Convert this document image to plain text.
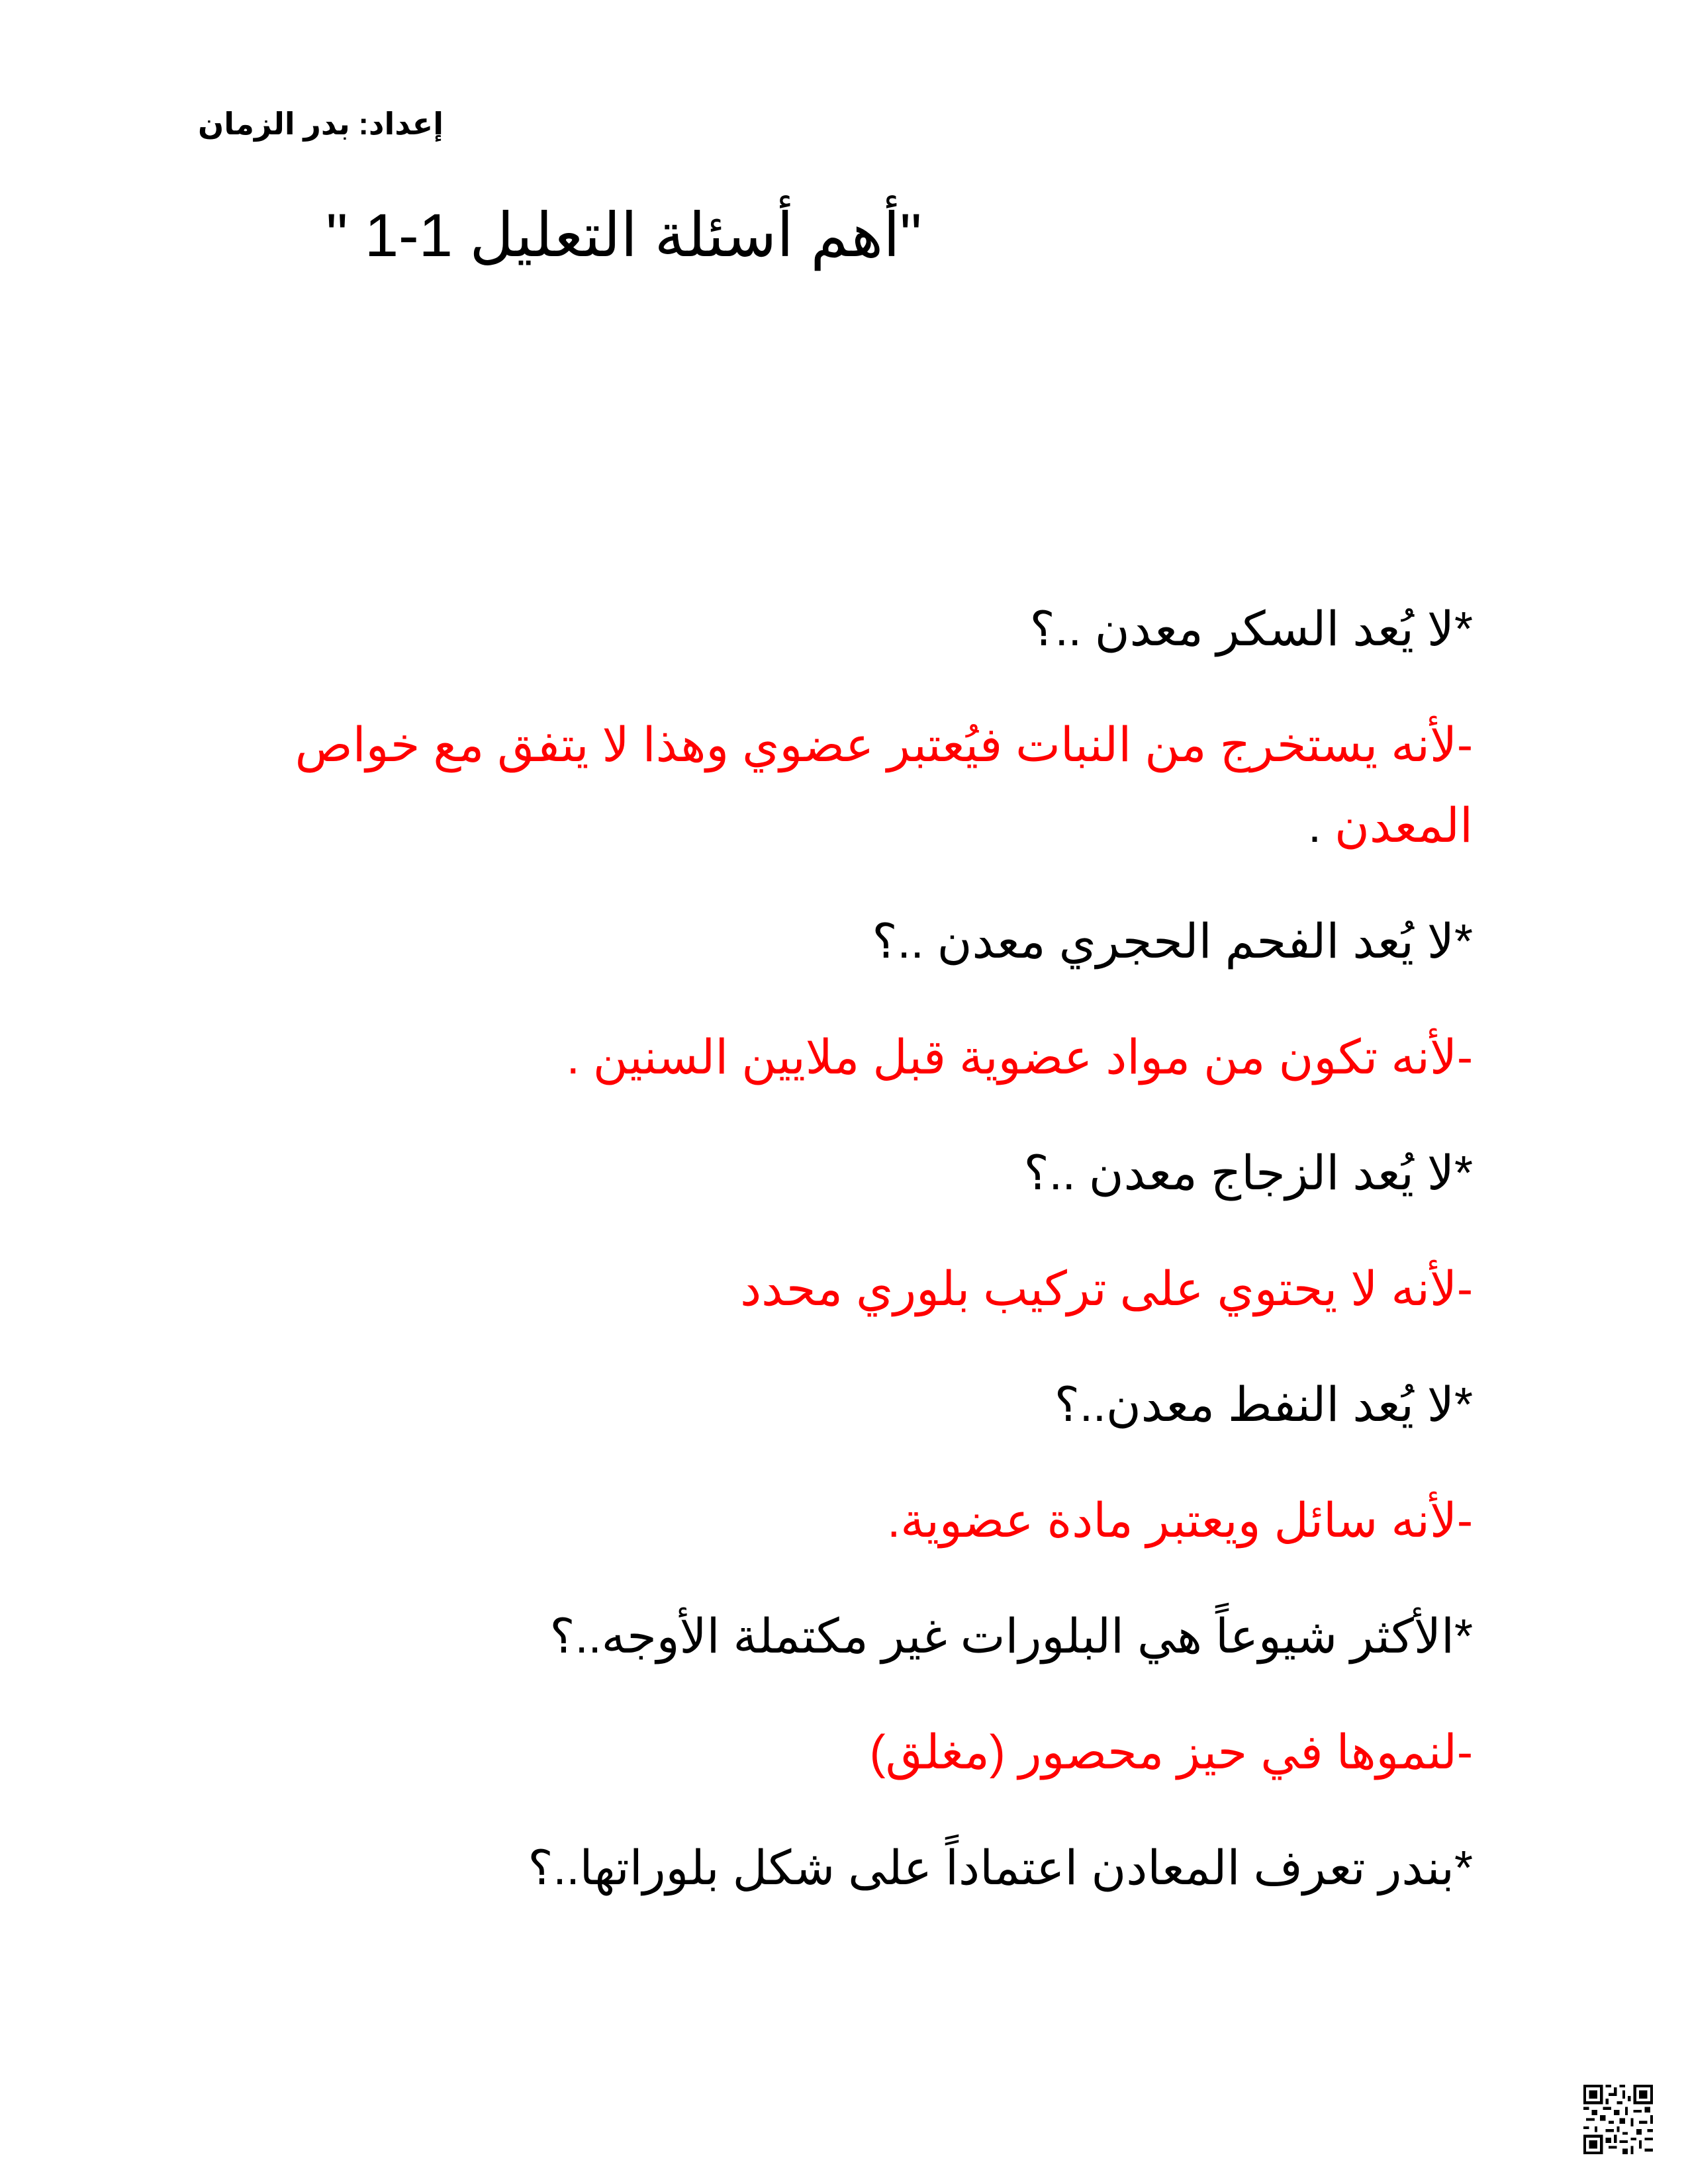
إعداد: بدر الزمان
"أهم أسئلة التعليل 1-1 "

*لا يُعد السكر معدن ..؟

-لأنه يستخرج من النبات فيُعتبر عضوي وهذا لا يتفق مع خواص المعدن .

*لا يُعد الفحم الحجري معدن ..؟

-لأنه تكون من مواد عضوية قبل ملايين السنين .

*لا يُعد الزجاج معدن ..؟

-لأنه لا يحتوي على تركيب بلوري محدد

*لا يُعد النفط معدن..؟

-لأنه سائل ويعتبر مادة عضوية.

*الأكثر شيوعاً هي البلورات غير مكتملة الأوجه..؟

-لنموها في حيز محصور (مغلق)

*بندر تعرف المعادن اعتماداً على شكل بلوراتها..؟
